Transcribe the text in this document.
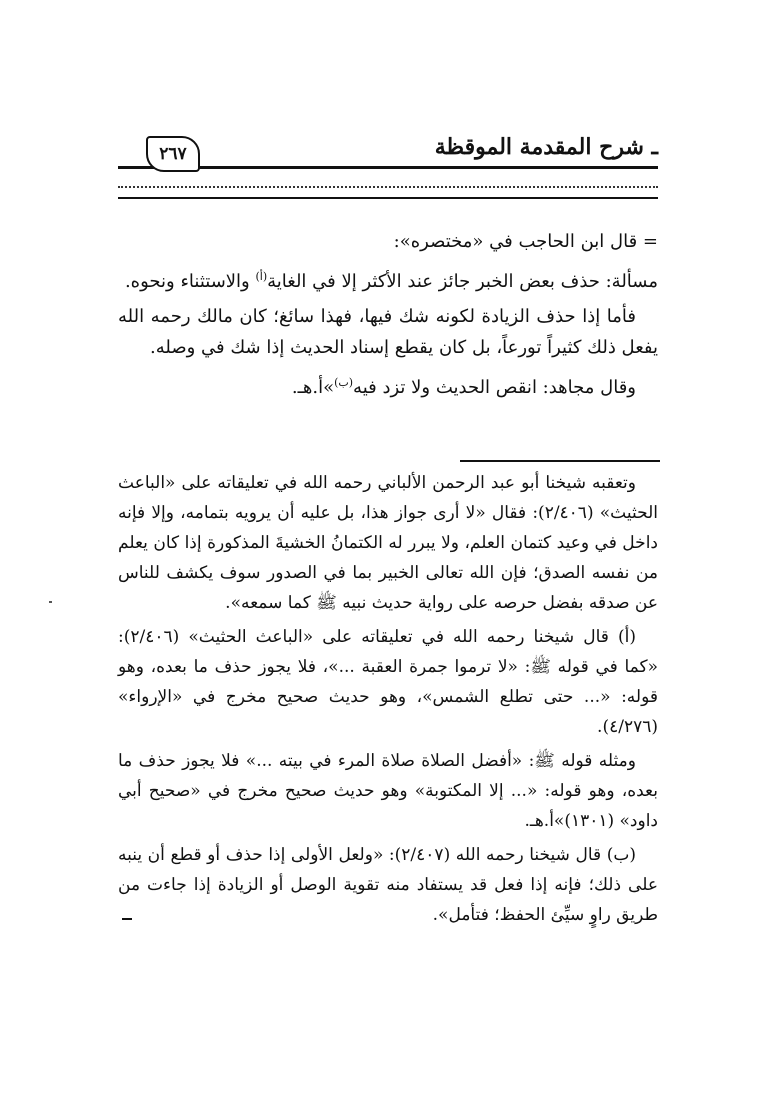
ـ شرح المقدمة الموقظة
٢٦٧

= قال ابن الحاجب في «مختصره»:

مسألة: حذف بعض الخبر جائز عند الأكثر إلا في الغاية$^{(أ)}$ والاستثناء ونحوه.

فأما إذا حذف الزيادة لكونه شك فيها، فهذا سائغ؛ كان مالك رحمه الله يفعل ذلك كثيراً تورعاً، بل كان يقطع إسناد الحديث إذا شك في وصله.

وقال مجاهد: انقص الحديث ولا تزد فيه$^{(ب)}$»أ.هـ.

وتعقبه شيخنا أبو عبد الرحمن الألباني رحمه الله في تعليقاته على «الباعث الحثيث» (٢/٤٠٦): فقال «لا أرى جواز هذا، بل عليه أن يرويه بتمامه، وإلا فإنه داخل في وعيد كتمان العلم، ولا يبرر له الكتمانُ الخشيةَ المذكورة إذا كان يعلم من نفسه الصدق؛ فإن الله تعالى الخبير بما في الصدور سوف يكشف للناس عن صدقه بفضل حرصه على رواية حديث نبيه ﷺ كما سمعه».

(أ) قال شيخنا رحمه الله في تعليقاته على «الباعث الحثيث» (٢/٤٠٦): «كما في قوله ﷺ: «لا ترموا جمرة العقبة ...»، فلا يجوز حذف ما بعده، وهو قوله: «... حتى تطلع الشمس»، وهو حديث صحيح مخرج في «الإرواء» (٤/٢٧٦).

ومثله قوله ﷺ: «أفضل الصلاة صلاة المرء في بيته ...» فلا يجوز حذف ما بعده، وهو قوله: «... إلا المكتوبة» وهو حديث صحيح مخرج في «صحيح أبي داود» (١٣٠١)»أ.هـ.

(ب) قال شيخنا رحمه الله (٢/٤٠٧): «ولعل الأولى إذا حذف أو قطع أن ينبه على ذلك؛ فإنه إذا فعل قد يستفاد منه تقوية الوصل أو الزيادة إذا جاءت من طريق راوٍ سيِّئ الحفظ؛ فتأمل».
